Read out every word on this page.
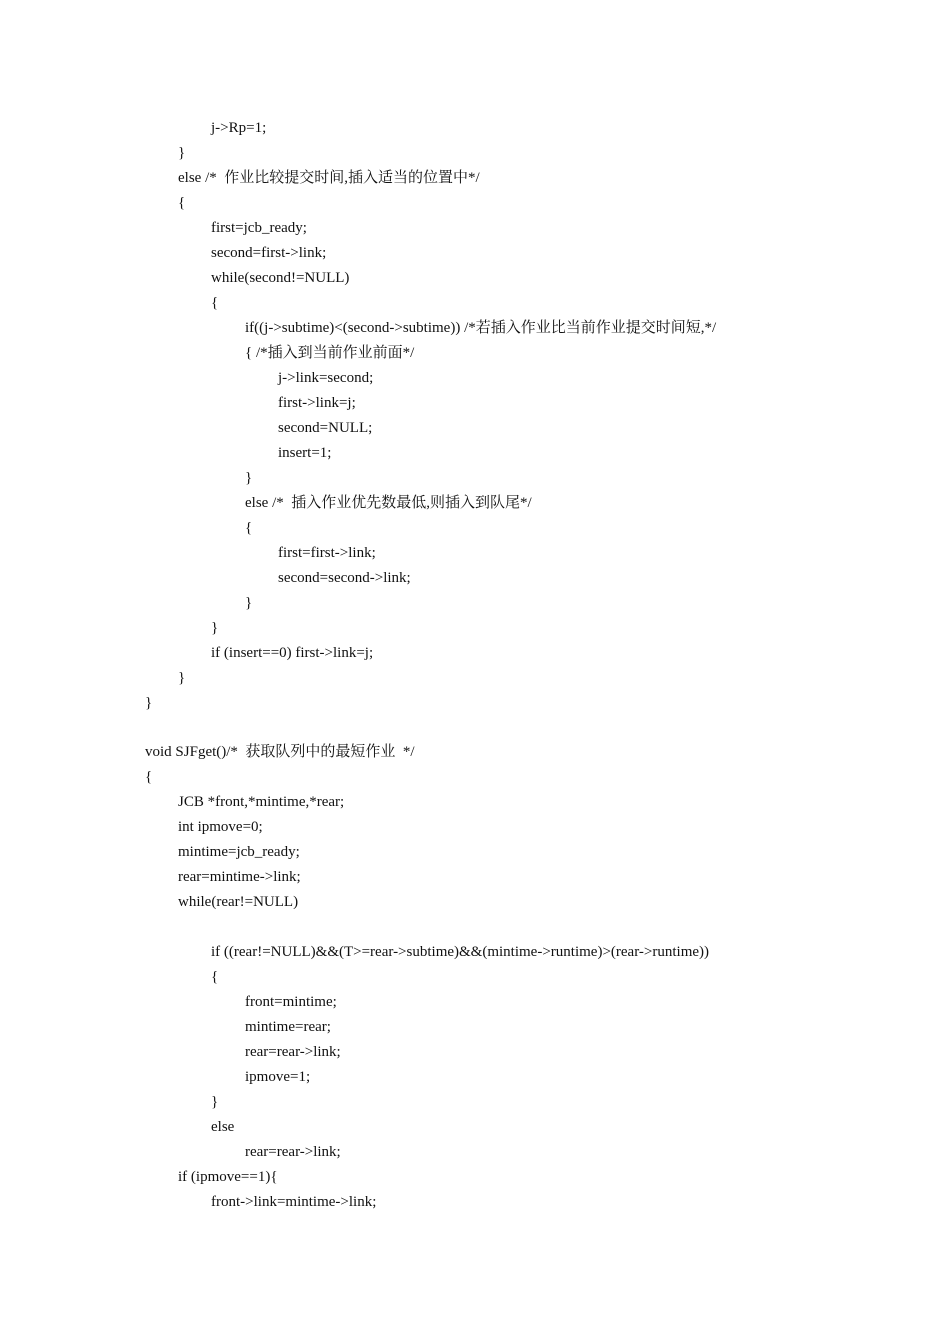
j->Rp=1;
}
else /*  作业比较提交时间,插入适当的位置中*/
{
first=jcb_ready;
second=first->link;
while(second!=NULL)
{
if((j->subtime)<(second->subtime)) /*若插入作业比当前作业提交时间短,*/
{ /*插入到当前作业前面*/
j->link=second;
first->link=j;
second=NULL;
insert=1;
}
else /*  插入作业优先数最低,则插入到队尾*/
{
first=first->link;
second=second->link;
}
}
if (insert==0) first->link=j;
}
}
void SJFget()/*  获取队列中的最短作业  */
{
JCB *front,*mintime,*rear;
int ipmove=0;
mintime=jcb_ready;
rear=mintime->link;
while(rear!=NULL)
if ((rear!=NULL)&&(T>=rear->subtime)&&(mintime->runtime)>(rear->runtime))
{
front=mintime;
mintime=rear;
rear=rear->link;
ipmove=1;
}
else
rear=rear->link;
if (ipmove==1){
front->link=mintime->link;
